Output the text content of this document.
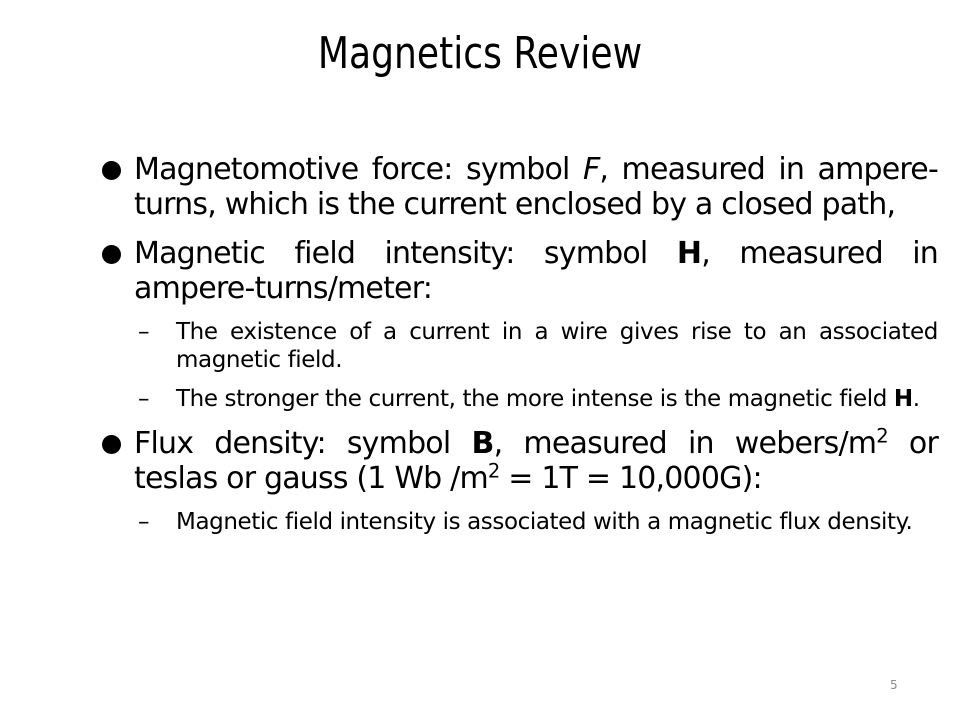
Magnetics Review
Magnetomotive force: symbol F, measured in ampere-turns, which is the current enclosed by a closed path,
Magnetic field intensity: symbol H, measured in ampere-turns/meter:
– The existence of a current in a wire gives rise to an associated magnetic field.
– The stronger the current, the more intense is the magnetic field H.
Flux density: symbol B, measured in webers/$m^2$ or teslas or gauss (1 Wb $/m^2 = 1T = 10,000G$):
– Magnetic field intensity is associated with a magnetic flux density.
5
